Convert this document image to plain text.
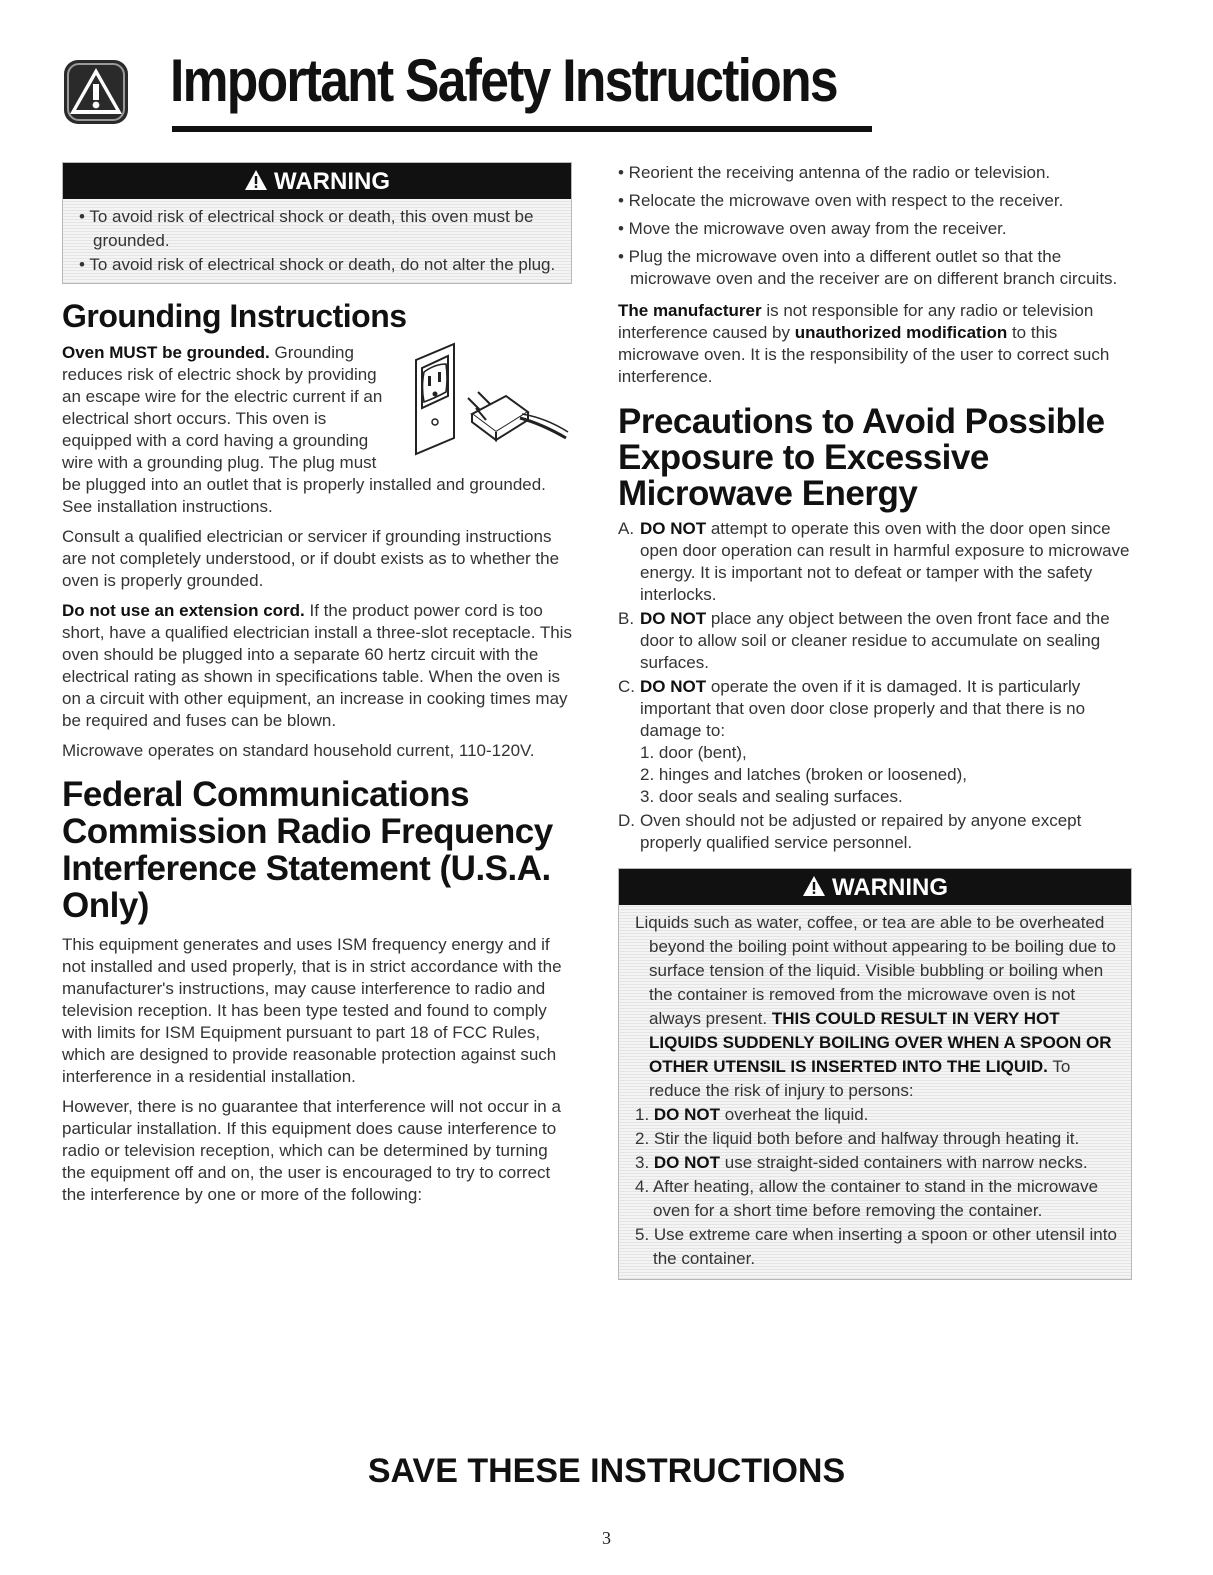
Important Safety Instructions
WARNING

• To avoid risk of electrical shock or death, this oven must be grounded.

• To avoid risk of electrical shock or death, do not alter the plug.

Grounding Instructions

Oven MUST be grounded. Grounding reduces risk of electric shock by providing an escape wire for the electric current if an electrical short occurs. This oven is equipped with a cord having a grounding wire with a grounding plug. The plug must be plugged into an outlet that is properly installed and grounded. See installation instructions.

Consult a qualified electrician or servicer if grounding instructions are not completely understood, or if doubt exists as to whether the oven is properly grounded.

Do not use an extension cord. If the product power cord is too short, have a qualified electrician install a three-slot receptacle. This oven should be plugged into a separate 60 hertz circuit with the electrical rating as shown in specifications table. When the oven is on a circuit with other equipment, an increase in cooking times may be required and fuses can be blown.

Microwave operates on standard household current, 110-120V.

Federal Communications Commission Radio Frequency Interference Statement (U.S.A. Only)

This equipment generates and uses ISM frequency energy and if not installed and used properly, that is in strict accordance with the manufacturer's instructions, may cause interference to radio and television reception. It has been type tested and found to comply with limits for ISM Equipment pursuant to part 18 of FCC Rules, which are designed to provide reasonable protection against such interference in a residential installation.

However, there is no guarantee that interference will not occur in a particular installation. If this equipment does cause interference to radio or television reception, which can be determined by turning the equipment off and on, the user is encouraged to try to correct the interference by one or more of the following:

• Reorient the receiving antenna of the radio or television.

• Relocate the microwave oven with respect to the receiver.

• Move the microwave oven away from the receiver.

• Plug the microwave oven into a different outlet so that the microwave oven and the receiver are on different branch circuits.

The manufacturer is not responsible for any radio or television interference caused by unauthorized modification to this microwave oven. It is the responsibility of the user to correct such interference.

Precautions to Avoid Possible Exposure to Excessive Microwave Energy
A. DO NOT attempt to operate this oven with the door open since open door operation can result in harmful exposure to microwave energy. It is important not to defeat or tamper with the safety interlocks.
B. DO NOT place any object between the oven front face and the door to allow soil or cleaner residue to accumulate on sealing surfaces.
C. DO NOT operate the oven if it is damaged. It is particularly important that oven door close properly and that there is no damage to:
1. door (bent),
2. hinges and latches (broken or loosened),
3. door seals and sealing surfaces.
D. Oven should not be adjusted or repaired by anyone except properly qualified service personnel.
WARNING

Liquids such as water, coffee, or tea are able to be overheated beyond the boiling point without appearing to be boiling due to surface tension of the liquid. Visible bubbling or boiling when the container is removed from the microwave oven is not always present. THIS COULD RESULT IN VERY HOT LIQUIDS SUDDENLY BOILING OVER WHEN A SPOON OR OTHER UTENSIL IS INSERTED INTO THE LIQUID. To reduce the risk of injury to persons:

1. DO NOT overheat the liquid.
2. Stir the liquid both before and halfway through heating it.
3. DO NOT use straight-sided containers with narrow necks.
4. After heating, allow the container to stand in the microwave oven for a short time before removing the container.
5. Use extreme care when inserting a spoon or other utensil into the container.
SAVE THESE INSTRUCTIONS
3
